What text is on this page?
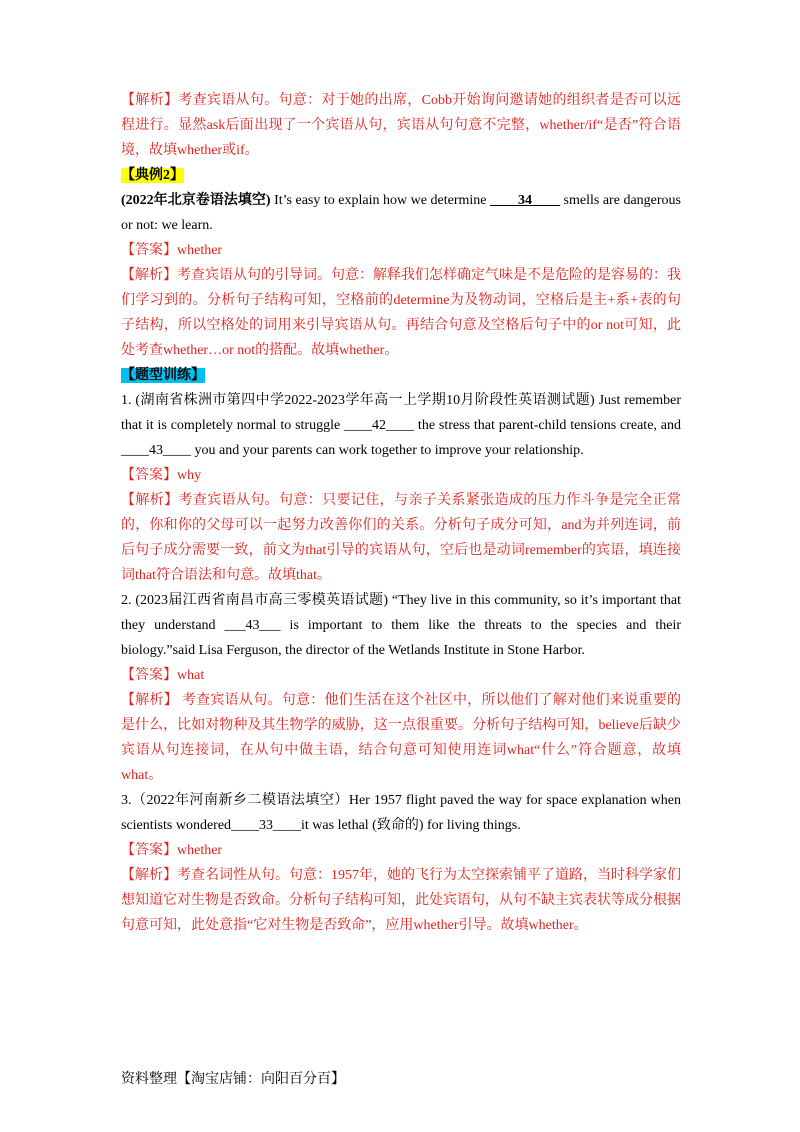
【解析】考查宾语从句。句意：对于她的出席，Cobb开始询问邀请她的组织者是否可以远程进行。显然ask后面出现了一个宾语从句，宾语从句句意不完整，whether/if“是否”符合语境，故填whether或if。

【典例2】

(2022年北京卷语法填空) It’s easy to explain how we determine ____34____ smells are dangerous or not: we learn.

【答案】whether

【解析】考查宾语从句的引导词。句意：解释我们怎样确定气味是不是危险的是容易的：我们学习到的。分析句子结构可知，空格前的determine为及物动词，空格后是主+系+表的句子结构，所以空格处的词用来引导宾语从句。再结合句意及空格后句子中的or not可知，此处考查whether…or not的搭配。故填whether。

【题型训练】

1. (湖南省株洲市第四中学2022-2023学年高一上学期10月阶段性英语测试题) Just remember that it is completely normal to struggle ____42____ the stress that parent-child tensions create, and ____43____ you and your parents can work together to improve your relationship.

【答案】why

【解析】考查宾语从句。句意：只要记住，与亲子关系紧张造成的压力作斗争是完全正常的，你和你的父母可以一起努力改善你们的关系。分析句子成分可知，and为并列连词，前后句子成分需要一致，前文为that引导的宾语从句，空后也是动词remember的宾语，填连接词that符合语法和句意。故填that。

2. (2023届江西省南昌市高三零模英语试题) “They live in this community, so it’s important that they understand ___43___ is important to them like the threats to the species and their biology.”said Lisa Ferguson, the director of the Wetlands Institute in Stone Harbor.

【答案】what

【解析】 考查宾语从句。句意：他们生活在这个社区中，所以他们了解对他们来说重要的是什么，比如对物种及其生物学的威胁，这一点很重要。分析句子结构可知，believe后缺少宾语从句连接词，在从句中做主语，结合句意可知使用连词what“什么”符合题意，故填what。

3.（2022年河南新乡二模语法填空）Her 1957 flight paved the way for space explanation when scientists wondered____33____it was lethal (致命的) for living things.

【答案】whether

【解析】考查名词性从句。句意：1957年，她的飞行为太空探索铺平了道路，当时科学家们想知道它对生物是否致命。分析句子结构可知，此处宾语句，从句不缺主宾表状等成分根据句意可知，此处意指“它对生物是否致命”，应用whether引导。故填whether。

资料整理【淘宝店铺：向阳百分百】
